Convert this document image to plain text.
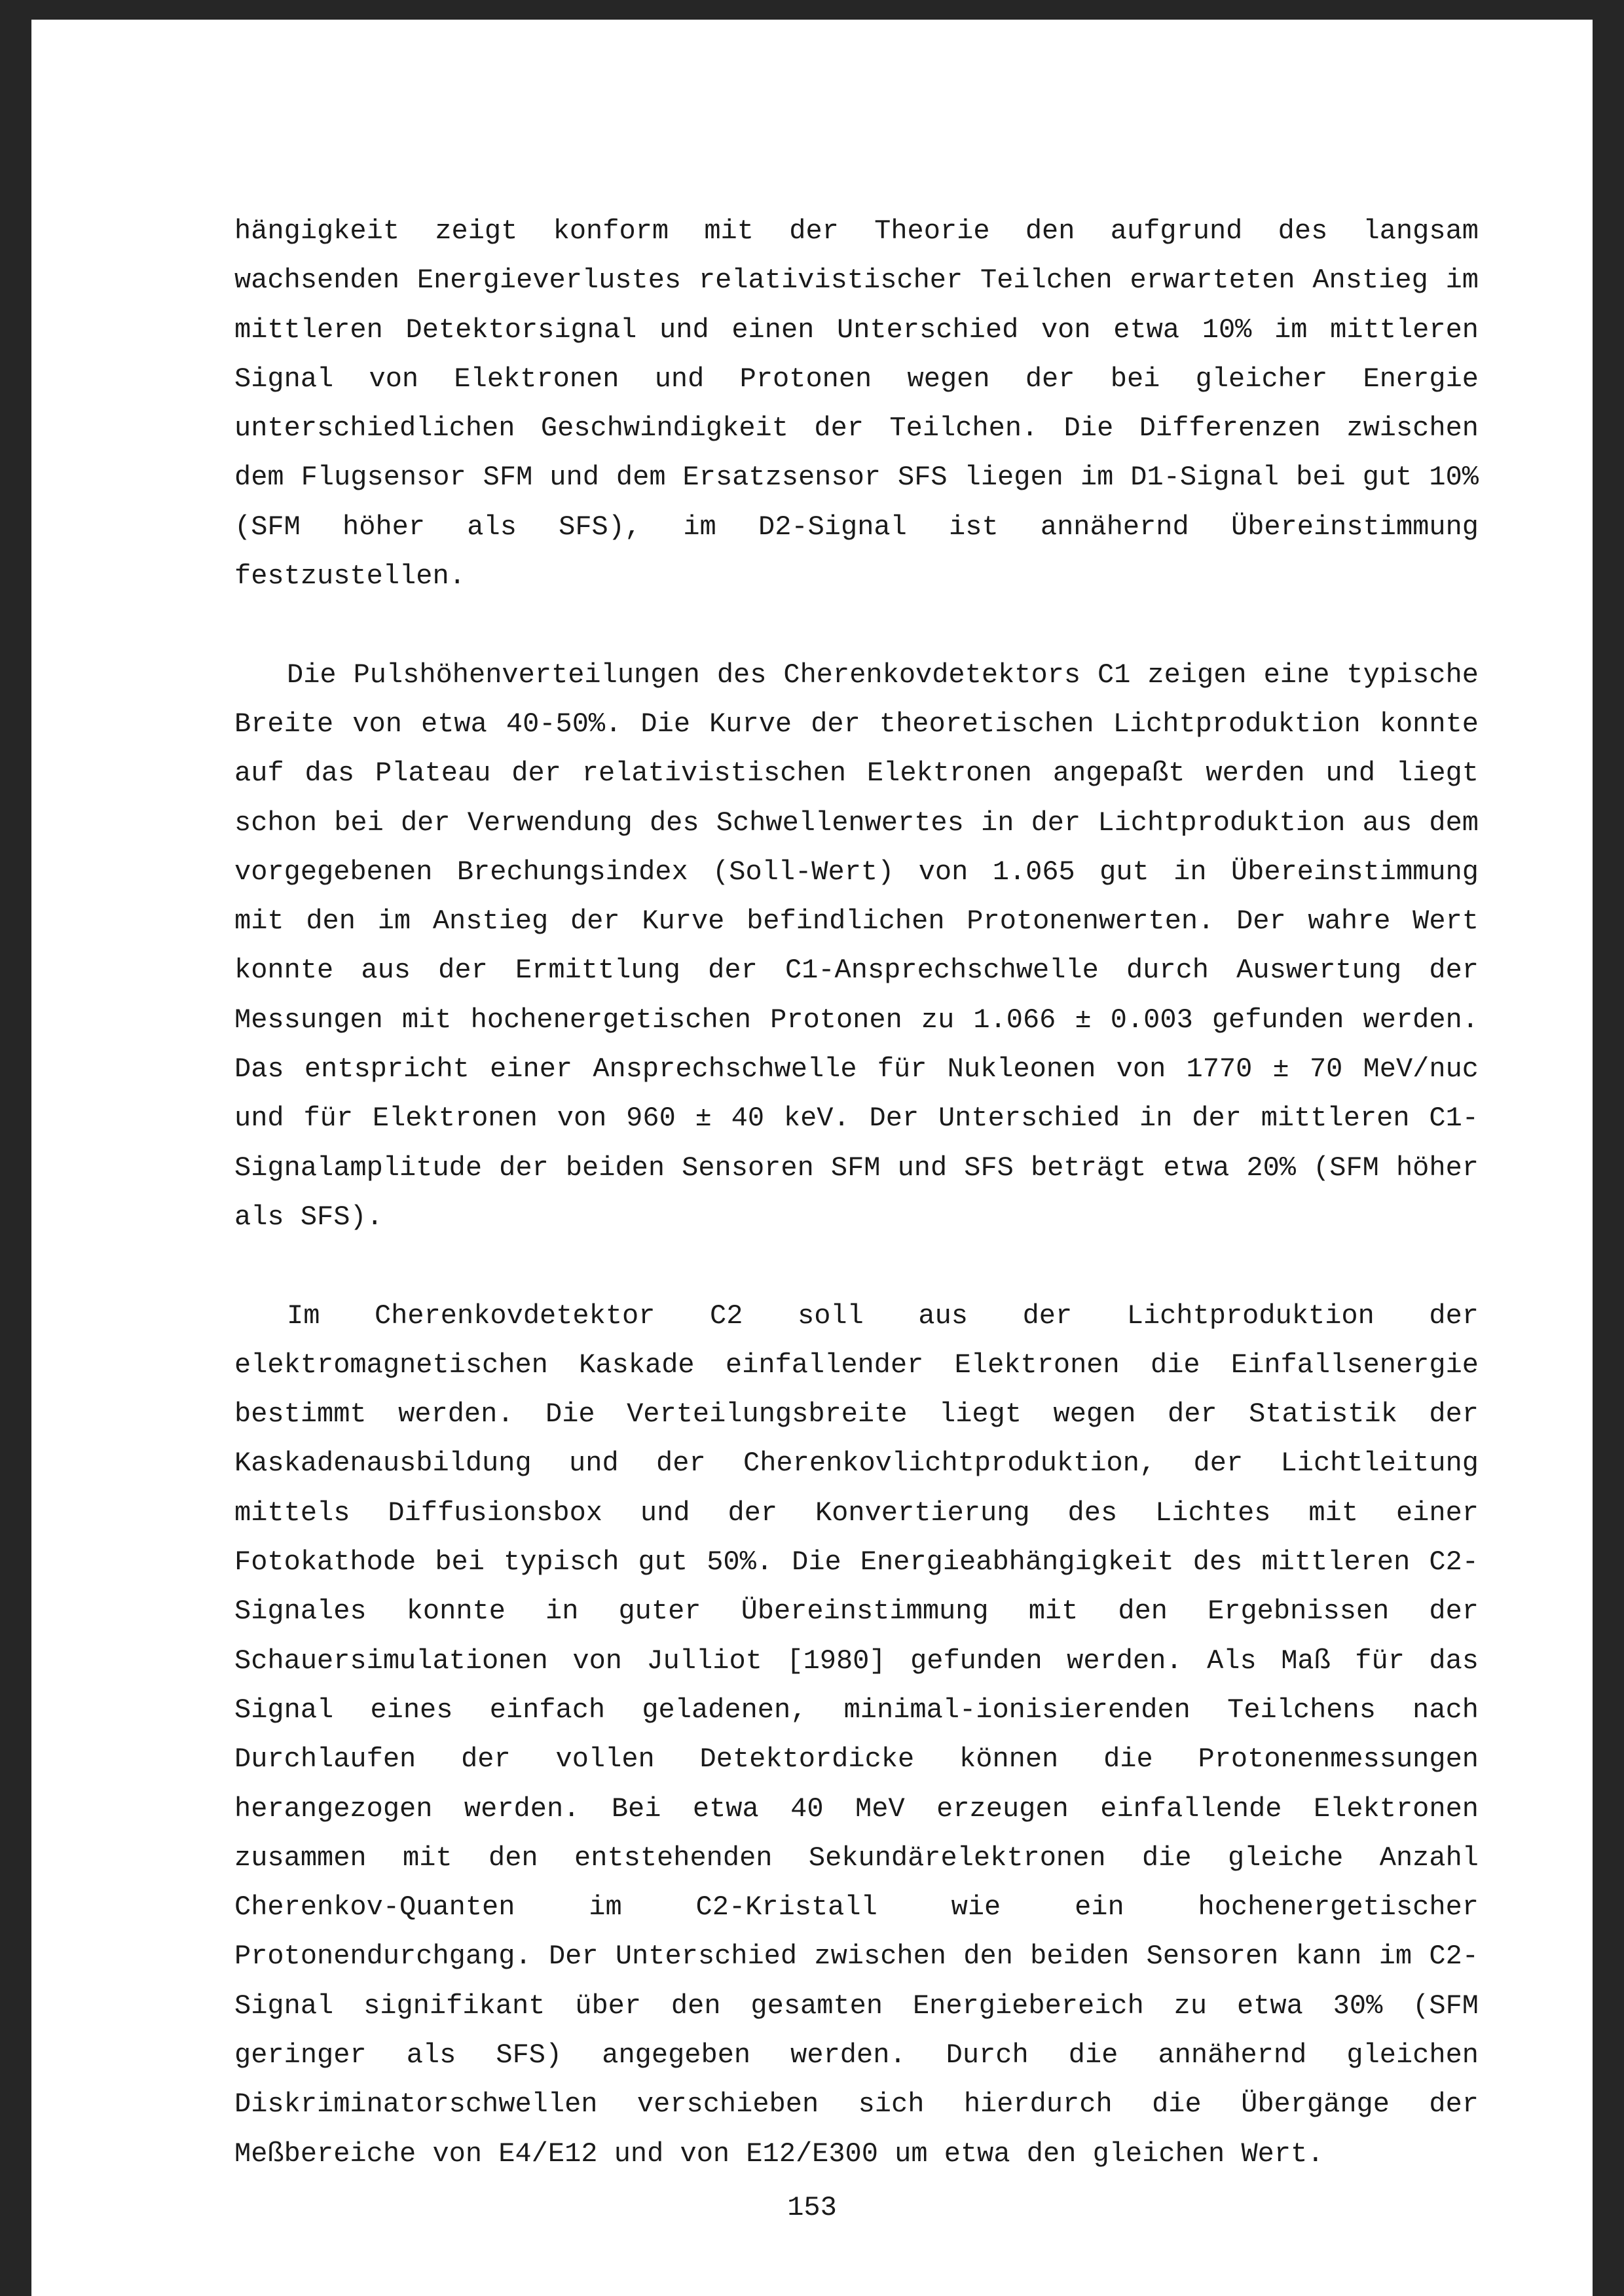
hängigkeit zeigt konform mit der Theorie den aufgrund des langsam wachsenden Energieverlustes relativistischer Teilchen erwarteten Anstieg im mittleren Detektorsignal und einen Unterschied von etwa 10% im mittleren Signal von Elektronen und Protonen wegen der bei gleicher Energie unterschiedlichen Geschwindigkeit der Teilchen. Die Differenzen zwischen dem Flugsensor SFM und dem Ersatzsensor SFS liegen im D1-Signal bei gut 10% (SFM höher als SFS), im D2-Signal ist annähernd Übereinstimmung festzustellen.

Die Pulshöhenverteilungen des Cherenkovdetektors C1 zeigen eine typische Breite von etwa 40-50%. Die Kurve der theoretischen Lichtproduktion konnte auf das Plateau der relativistischen Elektronen angepaßt werden und liegt schon bei der Verwendung des Schwellenwertes in der Lichtproduktion aus dem vorgegebenen Brechungsindex (Soll-Wert) von 1.065 gut in Übereinstimmung mit den im Anstieg der Kurve befindlichen Protonenwerten. Der wahre Wert konnte aus der Ermittlung der C1-Ansprechschwelle durch Auswertung der Messungen mit hochenergetischen Protonen zu 1.066 ± 0.003 gefunden werden. Das entspricht einer Ansprechschwelle für Nukleonen von 1770 ± 70 MeV/nuc und für Elektronen von 960 ± 40 keV. Der Unterschied in der mittleren C1-Signalamplitude der beiden Sensoren SFM und SFS beträgt etwa 20% (SFM höher als SFS).

Im Cherenkovdetektor C2 soll aus der Lichtproduktion der elektromagnetischen Kaskade einfallender Elektronen die Einfallsenergie bestimmt werden. Die Verteilungsbreite liegt wegen der Statistik der Kaskadenausbildung und der Cherenkovlichtproduktion, der Lichtleitung mittels Diffusionsbox und der Konvertierung des Lichtes mit einer Fotokathode bei typisch gut 50%. Die Energieabhängigkeit des mittleren C2-Signales konnte in guter Übereinstimmung mit den Ergebnissen der Schauersimulationen von Julliot [1980] gefunden werden. Als Maß für das Signal eines einfach geladenen, minimal-ionisierenden Teilchens nach Durchlaufen der vollen Detektordicke können die Protonenmessungen herangezogen werden. Bei etwa 40 MeV erzeugen einfallende Elektronen zusammen mit den entstehenden Sekundärelektronen die gleiche Anzahl Cherenkov-Quanten im C2-Kristall wie ein hochenergetischer Protonendurchgang. Der Unterschied zwischen den beiden Sensoren kann im C2-Signal signifikant über den gesamten Energiebereich zu etwa 30% (SFM geringer als SFS) angegeben werden. Durch die annähernd gleichen Diskriminatorschwellen verschieben sich hierdurch die Übergänge der Meßbereiche von E4/E12 und von E12/E300 um etwa den gleichen Wert.

153
